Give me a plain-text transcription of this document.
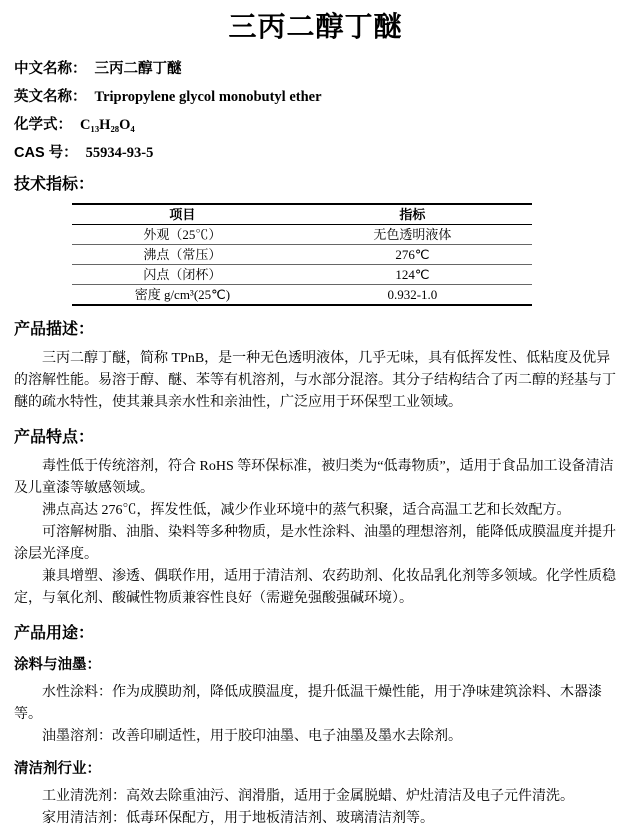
三丙二醇丁醚
中文名称： 三丙二醇丁醚
英文名称： Tripropylene glycol monobutyl ether
化学式： C₁₃H₂₈O₄
CAS 号： 55934-93-5
技术指标：
项目	指标
外观（25℃）	无色透明液体
沸点（常压）	276℃
闪点（闭杯）	124℃
密度 g/cm³(25℃)	0.932-1.0
产品描述：

三丙二醇丁醚，简称 TPnB，是一种无色透明液体，几乎无味，具有低挥发性、低粘度及优异的溶解性能。易溶于醇、醚、苯等有机溶剂，与水部分混溶。其分子结构结合了丙二醇的羟基与丁醚的疏水特性，使其兼具亲水性和亲油性，广泛应用于环保型工业领域。

产品特点：

毒性低于传统溶剂，符合 RoHS 等环保标准，被归类为“低毒物质”，适用于食品加工设备清洁及儿童漆等敏感领域。

沸点高达 276℃，挥发性低，减少作业环境中的蒸气积聚，适合高温工艺和长效配方。

可溶解树脂、油脂、染料等多种物质，是水性涂料、油墨的理想溶剂，能降低成膜温度并提升涂层光泽度。

兼具增塑、渗透、偶联作用，适用于清洁剂、农药助剂、化妆品乳化剂等多领域。化学性质稳定，与氧化剂、酸碱性物质兼容性良好（需避免强酸强碱环境）。

产品用途：
涂料与油墨：

水性涂料：作为成膜助剂，降低成膜温度，提升低温干燥性能，用于净味建筑涂料、木器漆等。

油墨溶剂：改善印刷适性，用于胶印油墨、电子油墨及墨水去除剂。

清洁剂行业：

工业清洗剂：高效去除重油污、润滑脂，适用于金属脱蜡、炉灶清洁及电子元件清洗。

家用清洁剂：低毒环保配方，用于地板清洁剂、玻璃清洁剂等。
